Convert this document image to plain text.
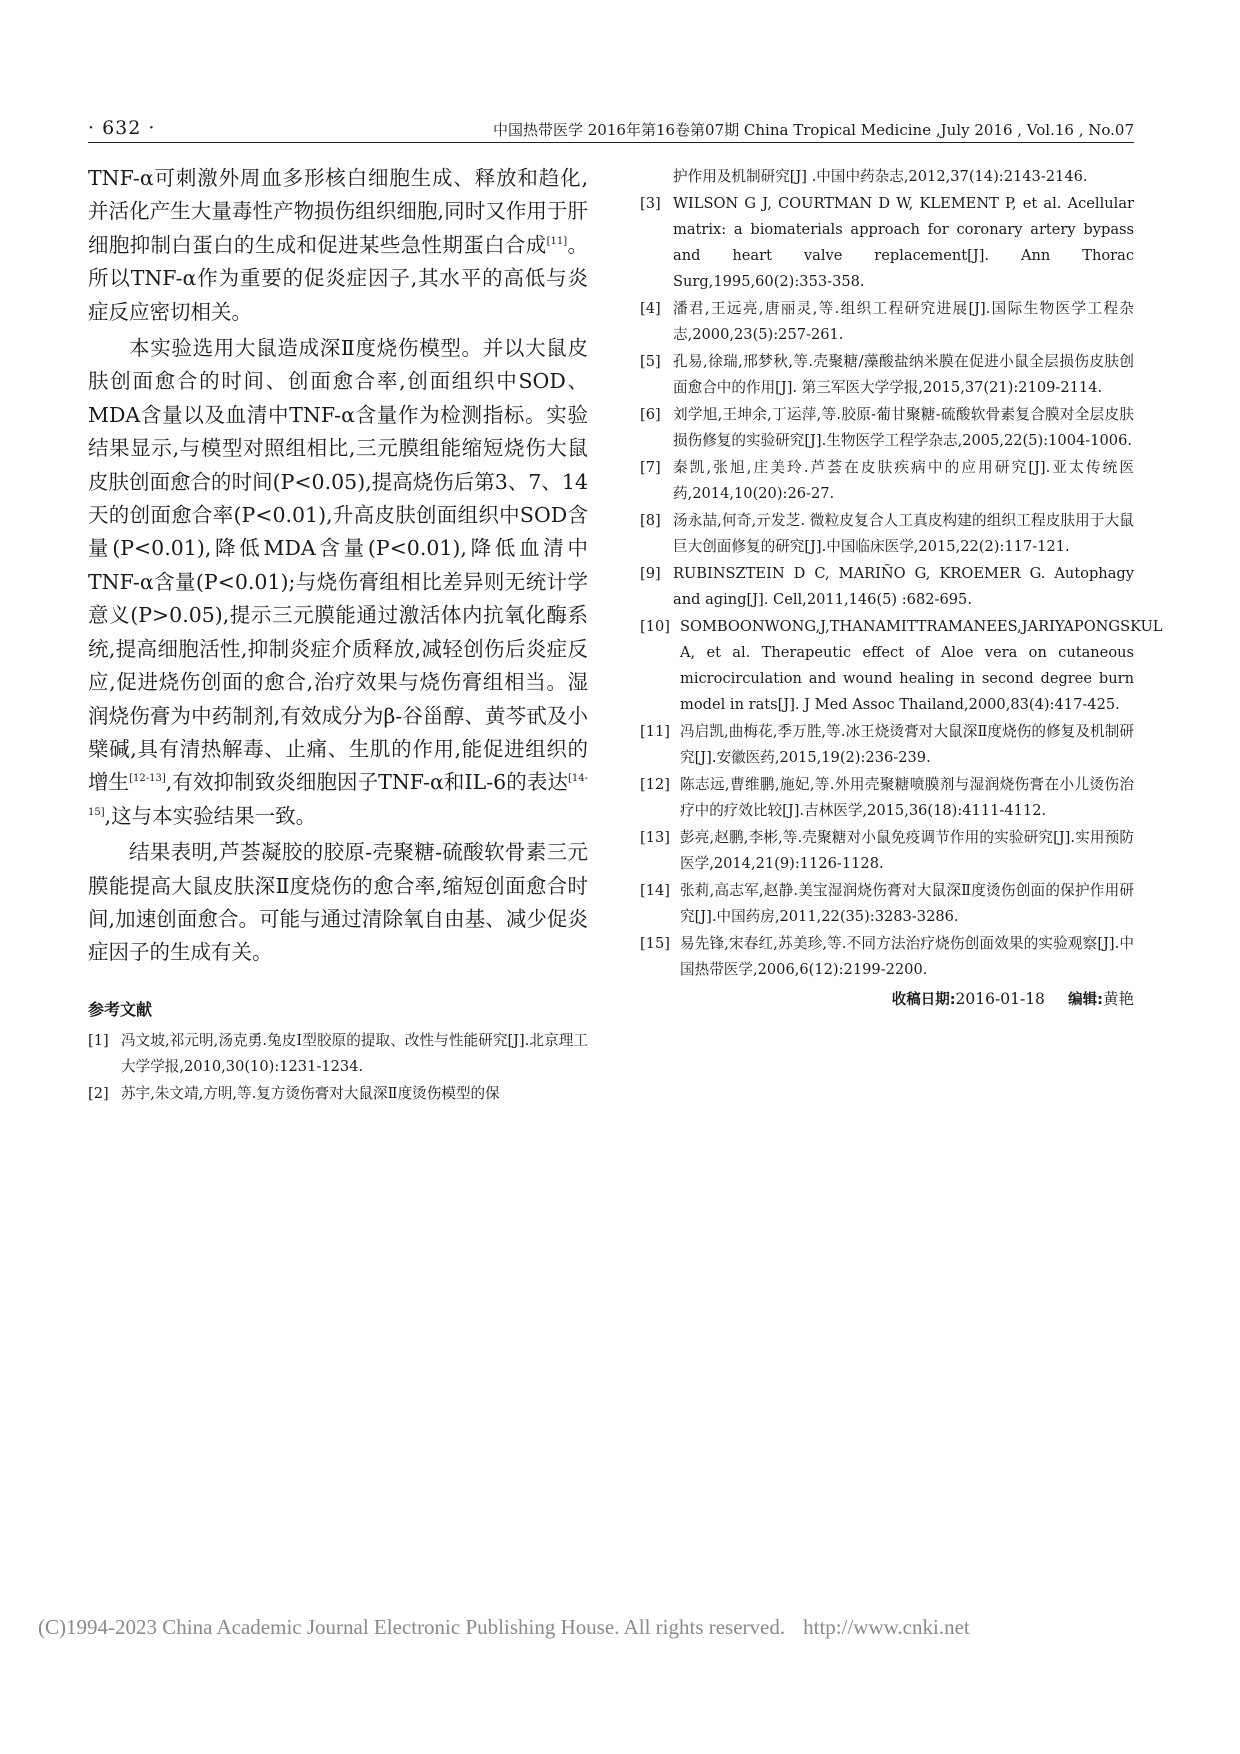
· 632 ·	中国热带医学 2016年第16卷第07期 China Tropical Medicine ,July 2016 , Vol.16 , No.07

TNF-α可刺激外周血多形核白细胞生成、释放和趋化,并活化产生大量毒性产物损伤组织细胞,同时又作用于肝细胞抑制白蛋白的生成和促进某些急性期蛋白合成[11]。所以TNF-α作为重要的促炎症因子,其水平的高低与炎症反应密切相关。

本实验选用大鼠造成深Ⅱ度烧伤模型。并以大鼠皮肤创面愈合的时间、创面愈合率,创面组织中SOD、MDA含量以及血清中TNF-α含量作为检测指标。实验结果显示,与模型对照组相比,三元膜组能缩短烧伤大鼠皮肤创面愈合的时间(P<0.05),提高烧伤后第3、7、14天的创面愈合率(P<0.01),升高皮肤创面组织中SOD含量(P<0.01),降低MDA含量(P<0.01),降低血清中TNF-α含量(P<0.01);与烧伤膏组相比差异则无统计学意义(P>0.05),提示三元膜能通过激活体内抗氧化酶系统,提高细胞活性,抑制炎症介质释放,减轻创伤后炎症反应,促进烧伤创面的愈合,治疗效果与烧伤膏组相当。湿润烧伤膏为中药制剂,有效成分为β-谷甾醇、黄芩甙及小檗碱,具有清热解毒、止痛、生肌的作用,能促进组织的增生[12-13],有效抑制致炎细胞因子TNF-α和IL-6的表达[14-15],这与本实验结果一致。

结果表明,芦荟凝胶的胶原-壳聚糖-硫酸软骨素三元膜能提高大鼠皮肤深Ⅱ度烧伤的愈合率,缩短创面愈合时间,加速创面愈合。可能与通过清除氧自由基、减少促炎症因子的生成有关。

参考文献
[1] 冯文坡,祁元明,汤克勇.兔皮Ⅰ型胶原的提取、改性与性能研究[J].北京理工大学学报,2010,30(10):1231-1234.
[2] 苏宇,朱文靖,方明,等.复方烫伤膏对大鼠深Ⅱ度烫伤模型的保
护作用及机制研究[J] .中国中药杂志,2012,37(14):2143-2146.
[3] WILSON G J, COURTMAN D W, KLEMENT P, et al. Acellular matrix: a biomaterials approach for coronary artery bypass and heart valve replacement[J]. Ann Thorac Surg,1995,60(2):353-358.
[4] 潘君,王远亮,唐丽灵,等.组织工程研究进展[J].国际生物医学工程杂志,2000,23(5):257-261.
[5] 孔易,徐瑞,邢梦秋,等.壳聚糖/藻酸盐纳米膜在促进小鼠全层损伤皮肤创面愈合中的作用[J]. 第三军医大学学报,2015,37(21):2109-2114.
[6] 刘学旭,王坤余,丁运萍,等.胶原-葡甘聚糖-硫酸软骨素复合膜对全层皮肤损伤修复的实验研究[J].生物医学工程学杂志,2005,22(5):1004-1006.
[7] 秦凯,张旭,庄美玲.芦荟在皮肤疾病中的应用研究[J].亚太传统医药,2014,10(20):26-27.
[8] 汤永喆,何奇,亓发芝. 微粒皮复合人工真皮构建的组织工程皮肤用于大鼠巨大创面修复的研究[J].中国临床医学,2015,22(2):117-121.
[9] RUBINSZTEIN D C, MARIÑO G, KROEMER G. Autophagy and aging[J]. Cell,2011,146(5) :682-695.
[10] SOMBOONWONG,J,THANAMITTRAMANEES,JARIYAPONGSKUL A, et al. Therapeutic effect of Aloe vera on cutaneous microcirculation and wound healing in second degree burn model in rats[J]. J Med Assoc Thailand,2000,83(4):417-425.
[11] 冯启凯,曲梅花,季万胜,等.冰王烧烫膏对大鼠深Ⅱ度烧伤的修复及机制研究[J].安徽医药,2015,19(2):236-239.
[12] 陈志远,曹维鹏,施妃,等.外用壳聚糖喷膜剂与湿润烧伤膏在小儿烫伤治疗中的疗效比较[J].吉林医学,2015,36(18):4111-4112.
[13] 彭亮,赵鹏,李彬,等.壳聚糖对小鼠免疫调节作用的实验研究[J].实用预防医学,2014,21(9):1126-1128.
[14] 张莉,高志军,赵静.美宝湿润烧伤膏对大鼠深Ⅱ度烫伤创面的保护作用研究[J].中国药房,2011,22(35):3283-3286.
[15] 易先锋,宋春红,苏美珍,等.不同方法治疗烧伤创面效果的实验观察[J].中国热带医学,2006,6(12):2199-2200.
收稿日期:2016-01-18   编辑:黄艳
(C)1994-2023 China Academic Journal Electronic Publishing House. All rights reserved. http://www.cnki.net
